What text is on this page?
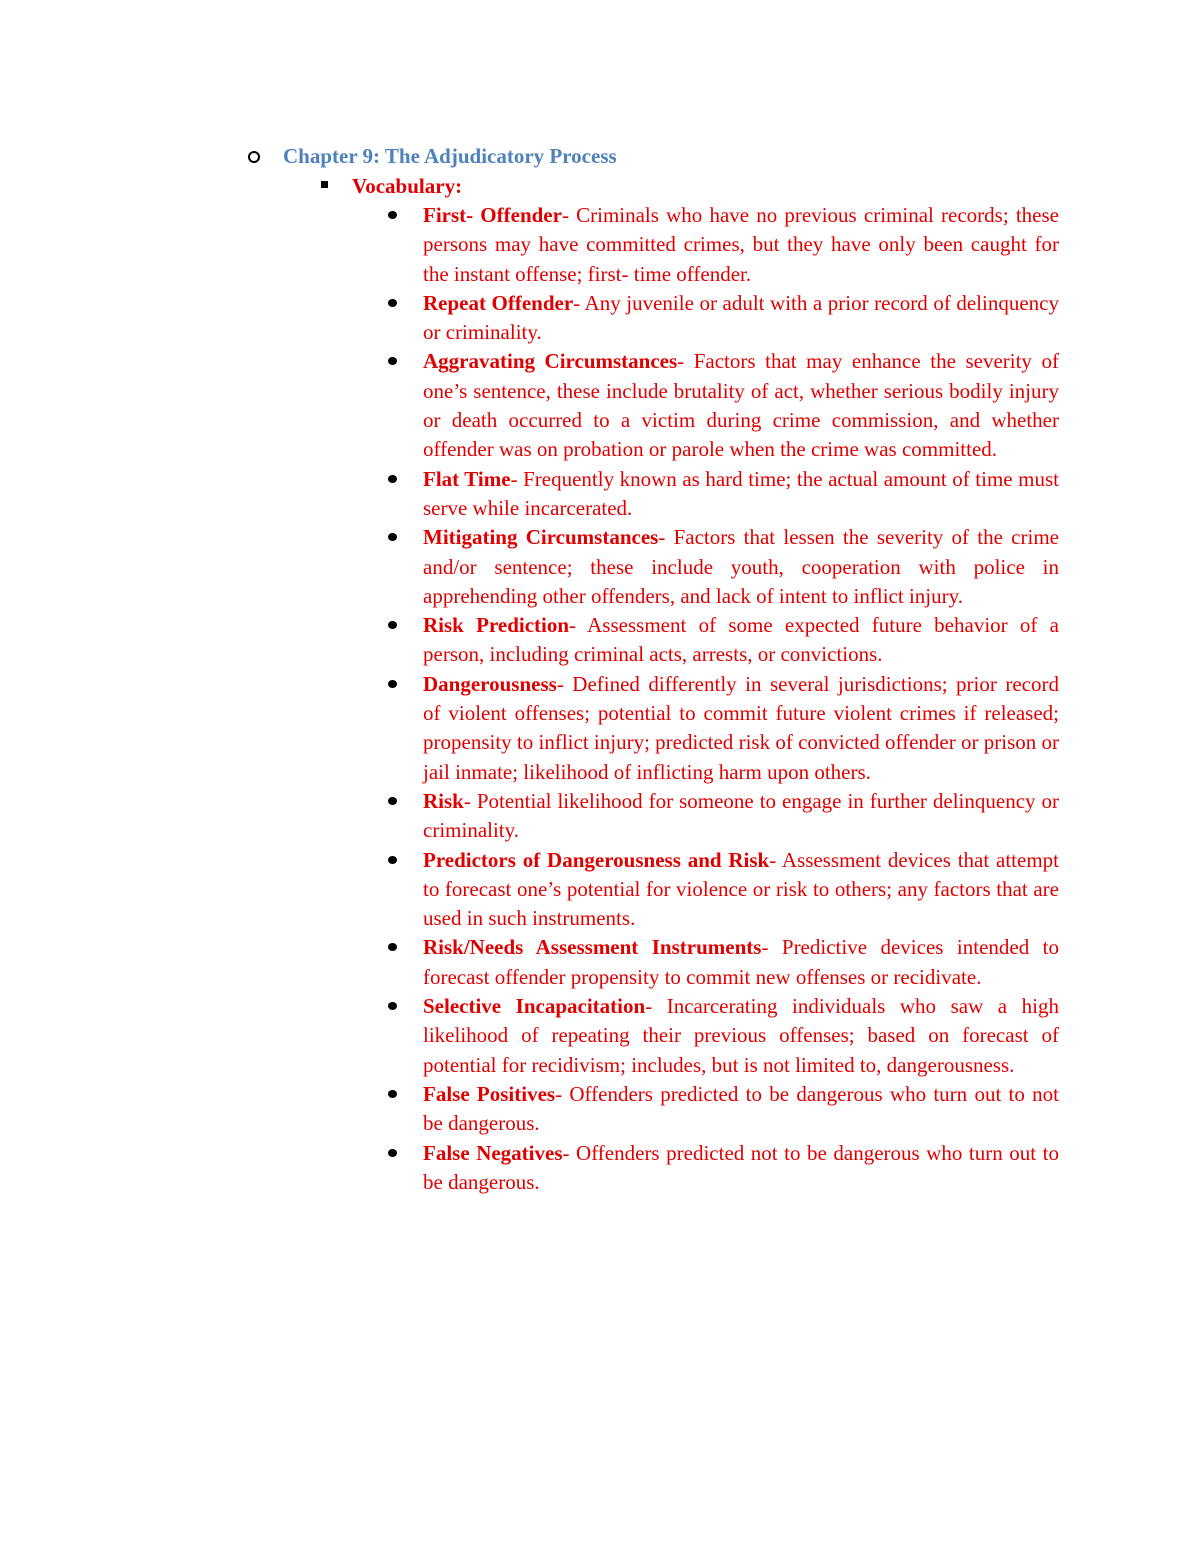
Chapter 9: The Adjudicatory Process
Vocabulary:
First- Offender- Criminals who have no previous criminal records; these persons may have committed crimes, but they have only been caught for the instant offense; first- time offender.
Repeat Offender- Any juvenile or adult with a prior record of delinquency or criminality.
Aggravating Circumstances- Factors that may enhance the severity of one’s sentence, these include brutality of act, whether serious bodily injury or death occurred to a victim during crime commission, and whether offender was on probation or parole when the crime was committed.
Flat Time- Frequently known as hard time; the actual amount of time must serve while incarcerated.
Mitigating Circumstances- Factors that lessen the severity of the crime and/or sentence; these include youth, cooperation with police in apprehending other offenders, and lack of intent to inflict injury.
Risk Prediction- Assessment of some expected future behavior of a person, including criminal acts, arrests, or convictions.
Dangerousness- Defined differently in several jurisdictions; prior record of violent offenses; potential to commit future violent crimes if released; propensity to inflict injury; predicted risk of convicted offender or prison or jail inmate; likelihood of inflicting harm upon others.
Risk- Potential likelihood for someone to engage in further delinquency or criminality.
Predictors of Dangerousness and Risk- Assessment devices that attempt to forecast one’s potential for violence or risk to others; any factors that are used in such instruments.
Risk/Needs Assessment Instruments- Predictive devices intended to forecast offender propensity to commit new offenses or recidivate.
Selective Incapacitation- Incarcerating individuals who saw a high likelihood of repeating their previous offenses; based on forecast of potential for recidivism; includes, but is not limited to, dangerousness.
False Positives- Offenders predicted to be dangerous who turn out to not be dangerous.
False Negatives- Offenders predicted not to be dangerous who turn out to be dangerous.
